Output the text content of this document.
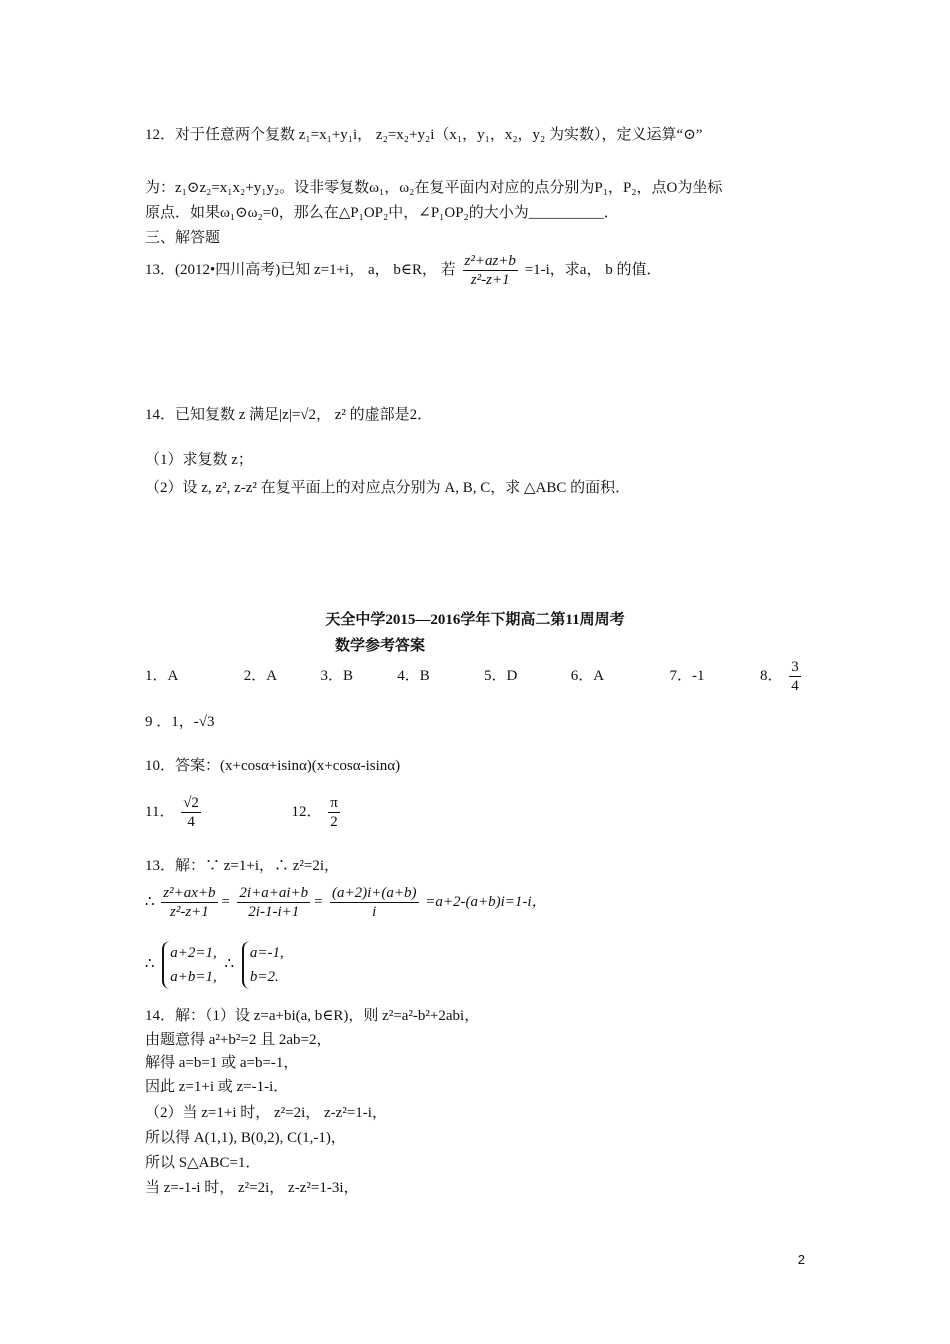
12．对于任意两个复数 z₁=x₁+y₁i， z₂=x₂+y₂i（x₁，y₁，x₂，y₂ 为实数），定义运算“⊙”
为：z₁⊙z₂=x₁x₂+y₁y₂。设非零复数ω₁，ω₂在复平面内对应的点分别为P₁，P₂，点O为坐标
原点．如果ω₁⊙ω₂=0，那么在△P₁OP₂中，∠P₁OP₂的大小为__________．
三、解答题
13．(2012•四川高考)已知 z=1+i， a， b∈R， 若 $\frac{\text{z²+az+b}}{\text{z²-z+1}} =1-i$，求a， b 的值．
14．已知复数 z 满足|z|=√2， z² 的虚部是2．
（1）求复数 z；
（2）设 z, z², z-z² 在复平面上的对应点分别为 A, B, C，求 △ABC 的面积．
天全中学2015—2016学年下期高二第11周周考
数学参考答案
1．A	2．A	3．B	4．B	5．D	6．A	7．-1	8． $\frac{3}{4}$
9 ．1，-√3
10．答案：(x+cosα+isinα)(x+cosα-isinα)
11． $\frac{√2}{4}$	12． $\frac{\pi}{2}$
13．解：∵ z=1+i，∴ z²=2i，
∴ $\frac{\text{z²+ax+b}}{\text{z²-z+1}} = \frac{2i+a+ai+b}{2i-1-i+1} = \frac{(a+2)i+(a+b)}{i} =a+2-(a+b)i=1-i$，
∴
a+2=1,
a+b=1,
∴
a=-1,
b=2.
14．解：（1）设 z=a+bi(a, b∈R)，则 z²=a²-b²+2abi，
由题意得 a²+b²=2 且 2ab=2，
解得 a=b=1 或 a=b=-1，
因此 z=1+i 或 z=-1-i．
（2）当 z=1+i 时， z²=2i， z-z²=1-i，
所以得 A(1,1), B(0,2), C(1,-1)，
所以 S△ABC=1．
当 z=-1-i 时， z²=2i， z-z²=1-3i，
2
